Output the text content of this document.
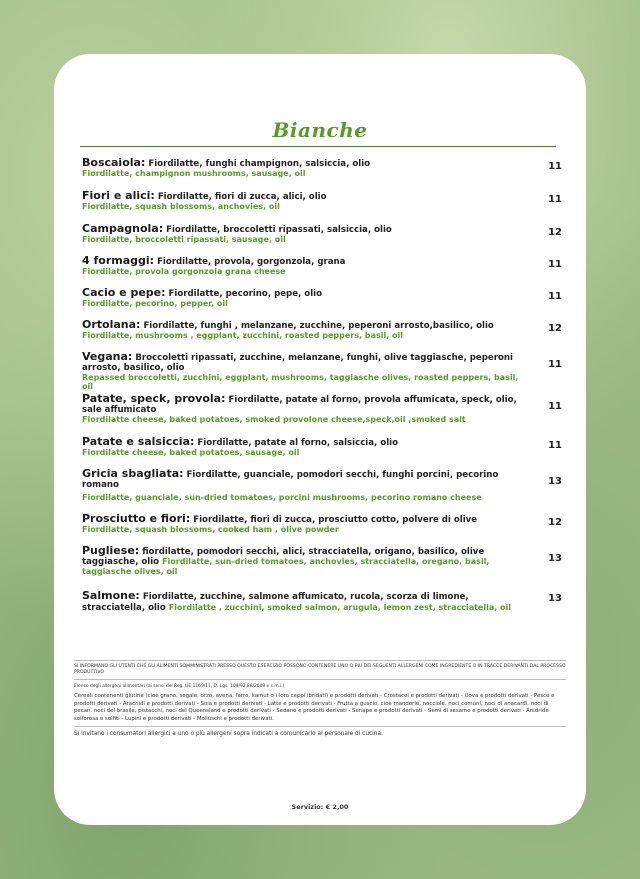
Bianche
Boscaiola: Fiordilatte, funghi champignon, salsiccia, olio
Fiordilatte, champignon mushrooms, sausage, oil
11
Fiori e alici: Fiordilatte, fiori di zucca, alici, olio
Fiordilatte, squash blossoms, anchovies, oil
11
Campagnola: Fiordilatte, broccoletti ripassati, salsiccia, olio
Fiordilatte, broccoletti ripassati, sausage, oil
12
4 formaggi: Fiordilatte, provola, gorgonzola, grana
Fiordilatte, provola gorgonzola grana cheese
11
Cacio e pepe: Fiordilatte, pecorino, pepe, olio
Fiordilatte, pecorino, pepper, oil
11
Ortolana: Fiordilatte, funghi , melanzane, zucchine, peperoni arrosto,basilico, olio
Fiordilatte, mushrooms , eggplant, zucchini, roasted peppers, basil, oil
12
Vegana: Broccoletti ripassati, zucchine, melanzane, funghi, olive taggiasche, peperoni arrosto, basilico, olio
Repassed broccoletti, zucchini, eggplant, mushrooms, taggiasche olives, roasted peppers, basil, oil
11
Patate, speck, provola: Fiordilatte, patate al forno, provola affumicata, speck, olio, sale affumicato
Fiordilatte cheese, baked potatoes, smoked provolone cheese,speck,oil ,smoked salt
11
Patate e salsiccia: Fiordilatte, patate al forno, salsiccia, olio
Fiordilatte cheese, baked potatoes, sausage, oil
11
Gricia sbagliata: Fiordilatte, guanciale, pomodori secchi, funghi porcini, pecorino romano
Fiordilatte, guanciale, sun-dried tomatoes, porcini mushrooms, pecorino romano cheese
13
Prosciutto e fiori: Fiordilatte, fiori di zucca, prosciutto cotto, polvere di olive
Fiordilatte, squash blossoms, cooked ham , olive powder
12
Pugliese: fiordilatte, pomodori secchi, alici, stracciatella, origano, basilico, olive taggiasche, olio Fiordilatte, sun-dried tomatoes, anchovies, stracciatella, oregano, basil, taggiasche olives, oil
13
Salmone: Fiordilatte, zucchine, salmone affumicato, rucola, scorza di limone, stracciatella, olio Fiordilatte , zucchini, smoked salmon, arugula, lemon zest, stracciatella, oil
13
SI INFORMANO GLI UTENTI CHE GLI ALIMENTI SOMMINISTRATI PRESSO QUESTO ESERCIZIO POSSONO CONTENERE UNO O PIÙ DEI SEGUENTI ALLERGENI COME INGREDIENTE O IN TRACCE DERIVANTI DAL PROCESSO PRODUTTIVO
Elenco degli allergeni alimentari (ai sensi del Reg. UE 1169/11, D. Lgs. 109/92,88/2009 e s.m.i.)
Cereali contenenti glutine (cioè grano, segale, orzo, avena, farro, kamut o i loro ceppi ibridati) e prodotti derivati - Crostacei e prodotti derivati - Uova e prodotti derivati - Pesce e prodotti derivati - Arachidi e prodotti derivati - Soia e prodotti derivati - Latte e prodotti derivati - Frutta a guscio, cioè mandorle, nocciole, noci comuni, noci di anacardi, noci di pecan, noci del brasile, pistacchi, noci del Queensland e prodotti derivati - Sedano e prodotti derivati - Senape e prodotti derivati - Semi di sesamo e prodotti derivati - Anidride solforosa e solfiti - Lupini e prodotti derivati - Molluschi e prodotti derivati.
Si invitano i consumatori allergici a uno o più allergeni sopra indicati a comunicarlo al personale di cucina.
Servizio: € 2,00
